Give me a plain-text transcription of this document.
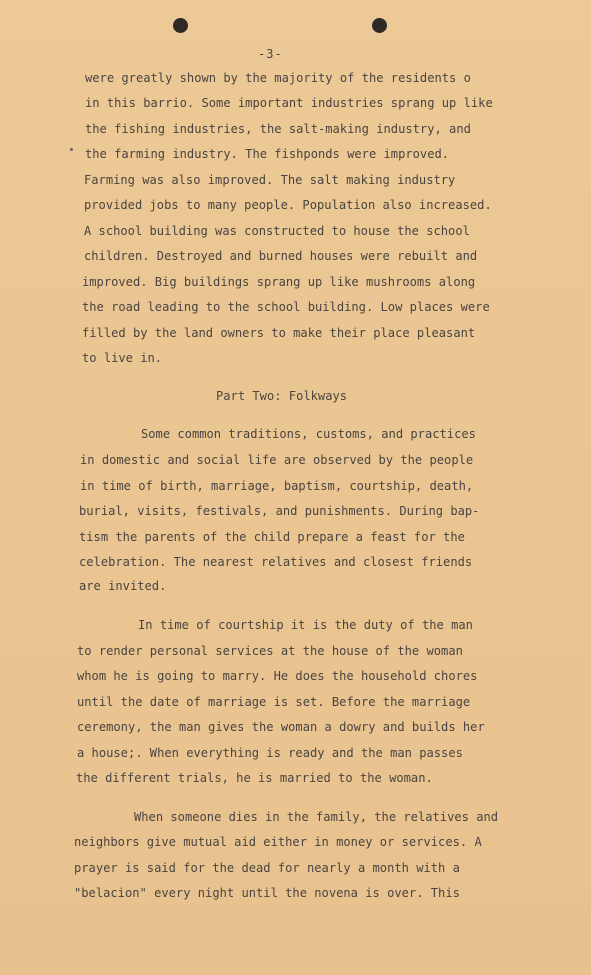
-3-
were greatly shown by the majority of the residents o
in this barrio. Some important industries sprang up like
the fishing industries, the salt-making industry, and
the farming industry. The fishponds were improved.
Farming was also improved. The salt making industry
provided jobs to many people. Population also increased.
A school building was constructed to house the school
children. Destroyed and burned houses were rebuilt and
improved. Big buildings sprang up like mushrooms along
the road leading to the school building. Low places were
filled by the land owners to make their place pleasant
to live in.
Part Two: Folkways
Some common traditions, customs, and practices
in domestic and social life are observed by the people
in time of birth, marriage, baptism, courtship, death,
burial, visits, festivals, and punishments. During bap-
tism the parents of the child prepare a feast for the
celebration. The nearest relatives and closest friends
are invited.
In time of courtship it is the duty of the man
to render personal services at the house of the woman
whom he is going to marry. He does the household chores
until the date of marriage is set. Before the marriage
ceremony, the man gives the woman a dowry and builds her
a house;. When everything is ready and the man passes
the different trials, he is married to the woman.
When someone dies in the family, the relatives and
neighbors give mutual aid either in money or services. A
prayer is said for the dead for nearly a month with a
"belacion" every night until the novena is over. This
